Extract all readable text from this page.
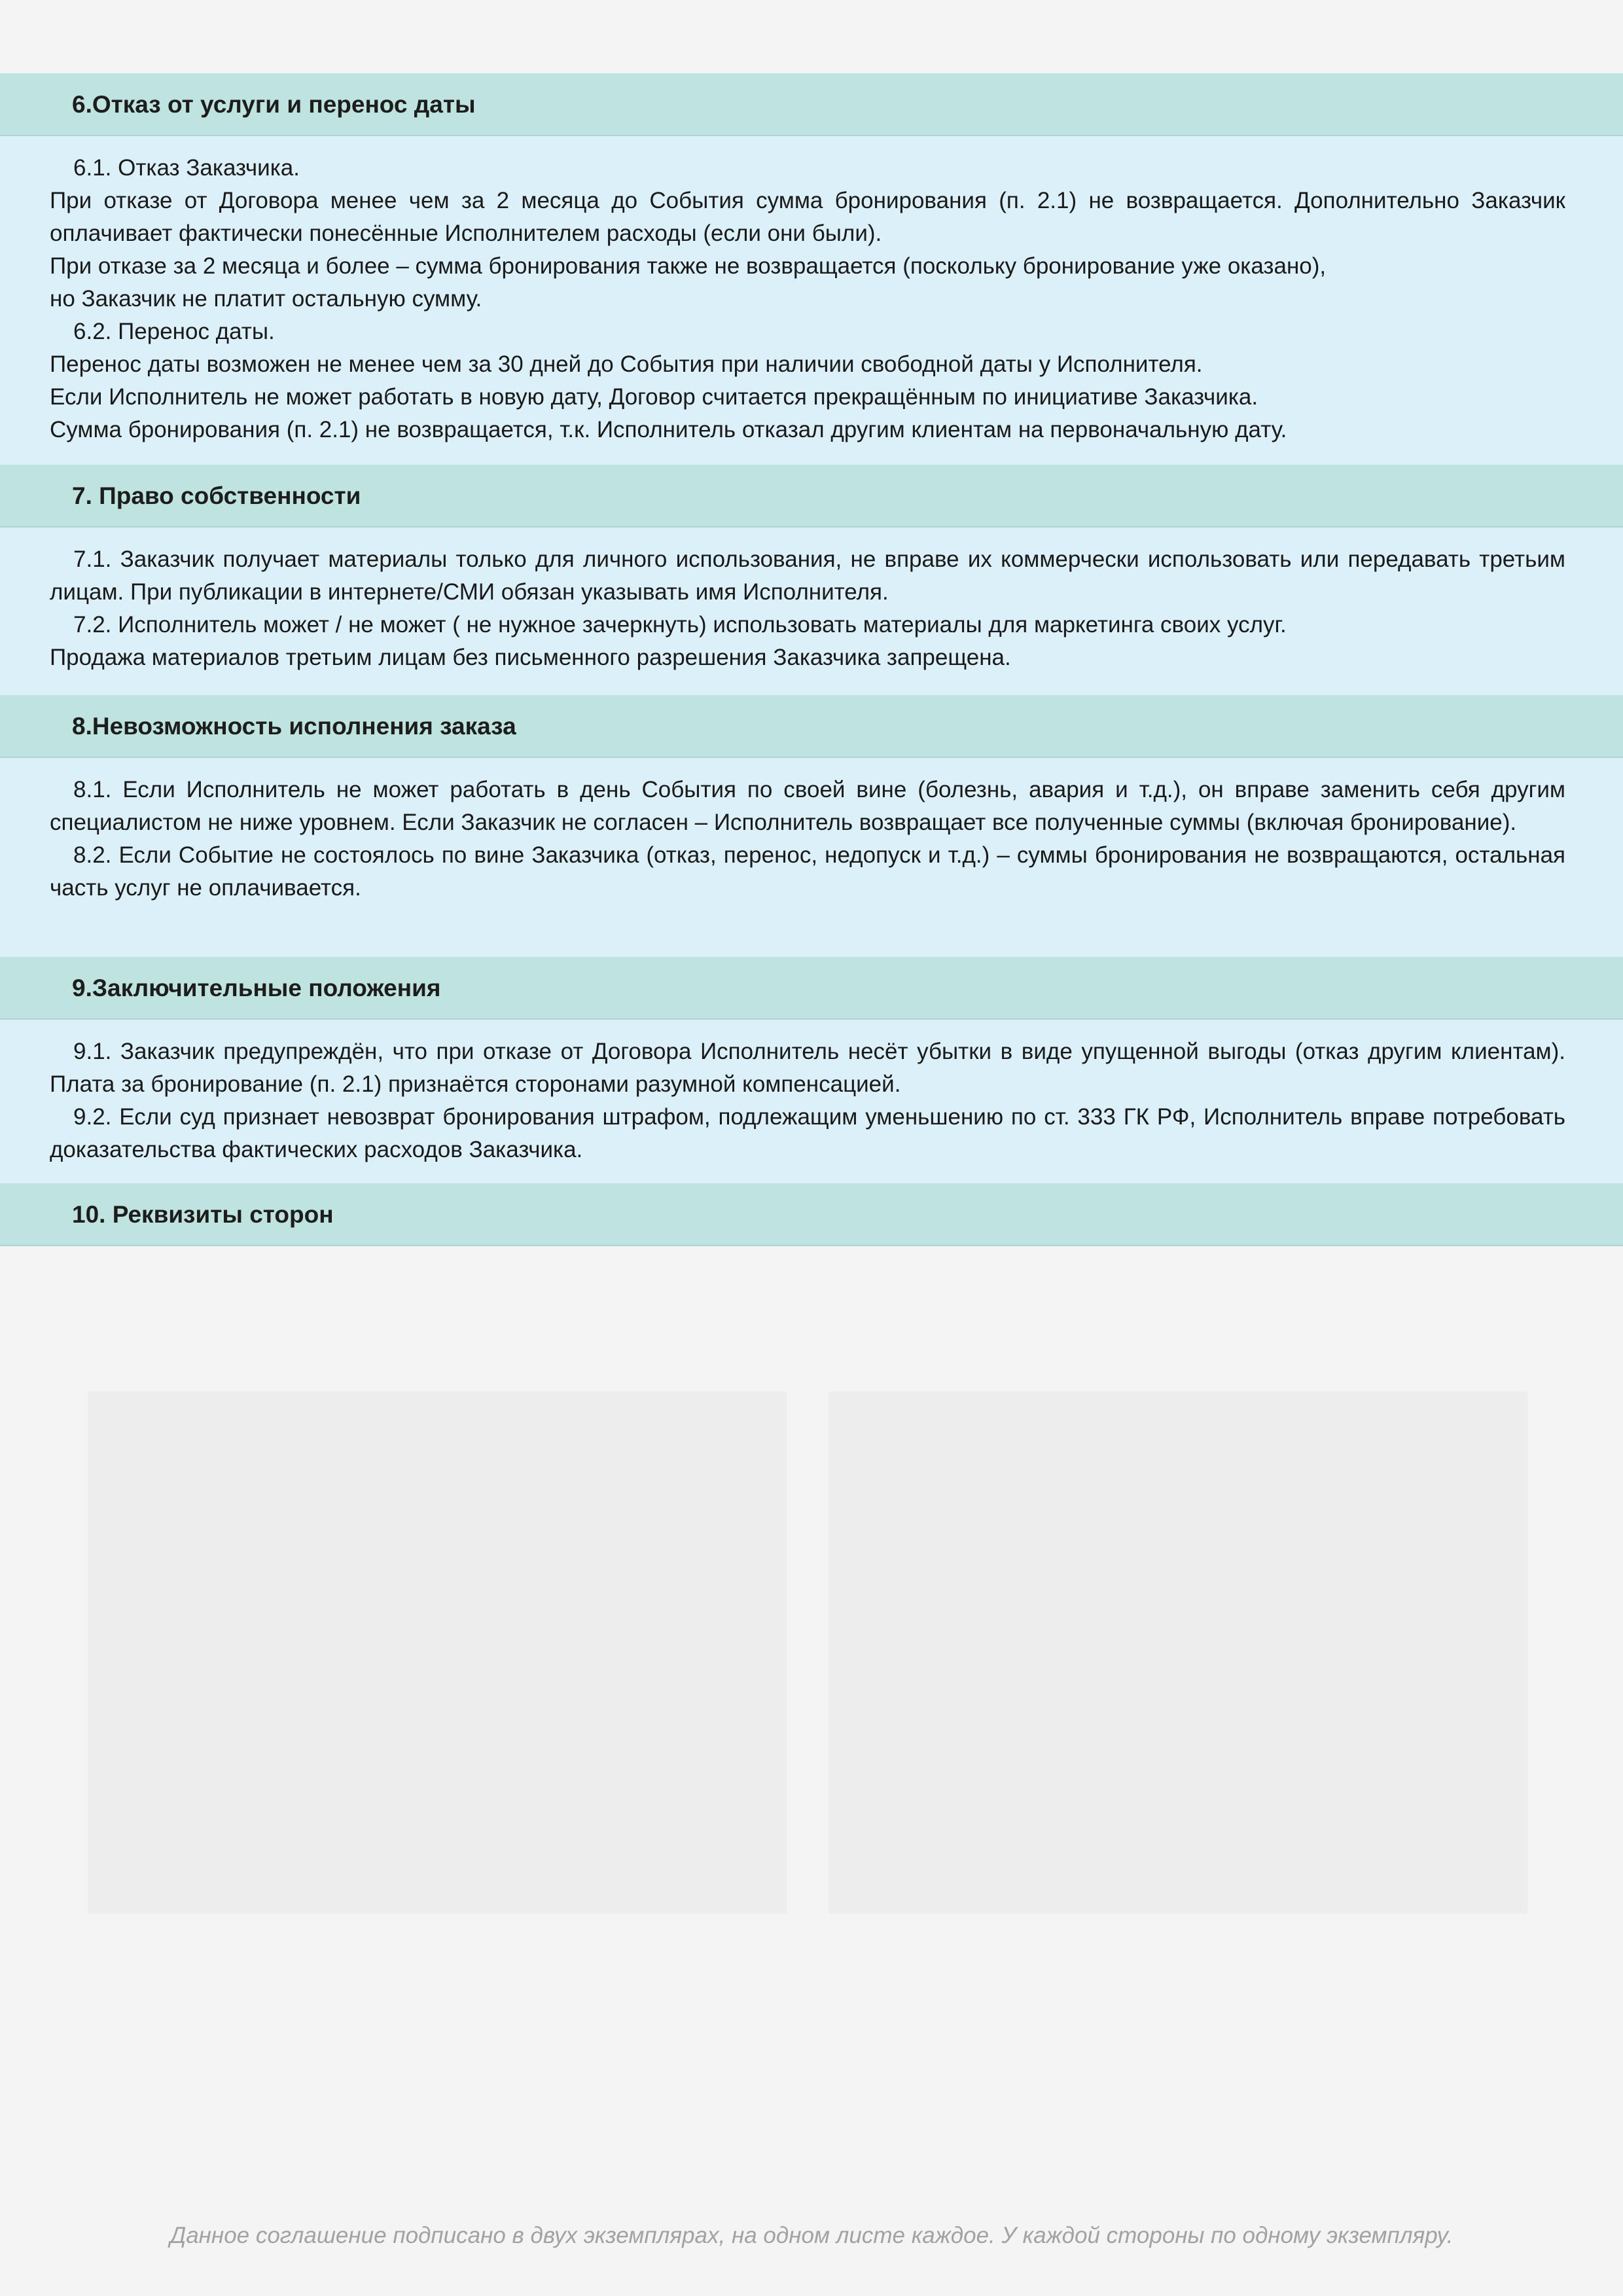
6.Отказ от услуги и перенос даты

6.1. Отказ Заказчика.

При отказе от Договора менее чем за 2 месяца до События сумма бронирования (п. 2.1) не возвращается. Дополнительно Заказчик оплачивает фактически понесённые Исполнителем расходы (если они были).

При отказе за 2 месяца и более – сумма бронирования также не возвращается (поскольку бронирование уже оказано),

но Заказчик не платит остальную сумму.

6.2. Перенос даты.

Перенос даты возможен не менее чем за 30 дней до События при наличии свободной даты у Исполнителя.

Если Исполнитель не может работать в новую дату, Договор считается прекращённым по инициативе Заказчика.

Сумма бронирования (п. 2.1) не возвращается, т.к. Исполнитель отказал другим клиентам на первоначальную дату.

7. Право собственности

7.1. Заказчик получает материалы только для личного использования, не вправе их коммерчески использовать или передавать третьим лицам. При публикации в интернете/СМИ обязан указывать имя Исполнителя.

7.2. Исполнитель может / не может ( не нужное зачеркнуть) использовать материалы для маркетинга своих услуг.

Продажа материалов третьим лицам без письменного разрешения Заказчика запрещена.

8.Невозможность исполнения заказа

8.1. Если Исполнитель не может работать в день События по своей вине (болезнь, авария и т.д.), он вправе заменить себя другим специалистом не ниже уровнем. Если Заказчик не согласен – Исполнитель возвращает все полученные суммы (включая бронирование).

8.2. Если Событие не состоялось по вине Заказчика (отказ, перенос, недопуск и т.д.) – суммы бронирования не возвращаются, остальная часть услуг не оплачивается.

9.Заключительные положения

9.1. Заказчик предупреждён, что при отказе от Договора Исполнитель несёт убытки в виде упущенной выгоды (отказ другим клиентам). Плата за бронирование (п. 2.1) признаётся сторонами разумной компенсацией.

9.2. Если суд признает невозврат бронирования штрафом, подлежащим уменьшению по ст. 333 ГК РФ, Исполнитель вправе потребовать доказательства фактических расходов Заказчика.

10. Реквизиты сторон
Данное соглашение подписано в двух экземплярах, на одном листе каждое. У каждой стороны по одному экземпляру.
